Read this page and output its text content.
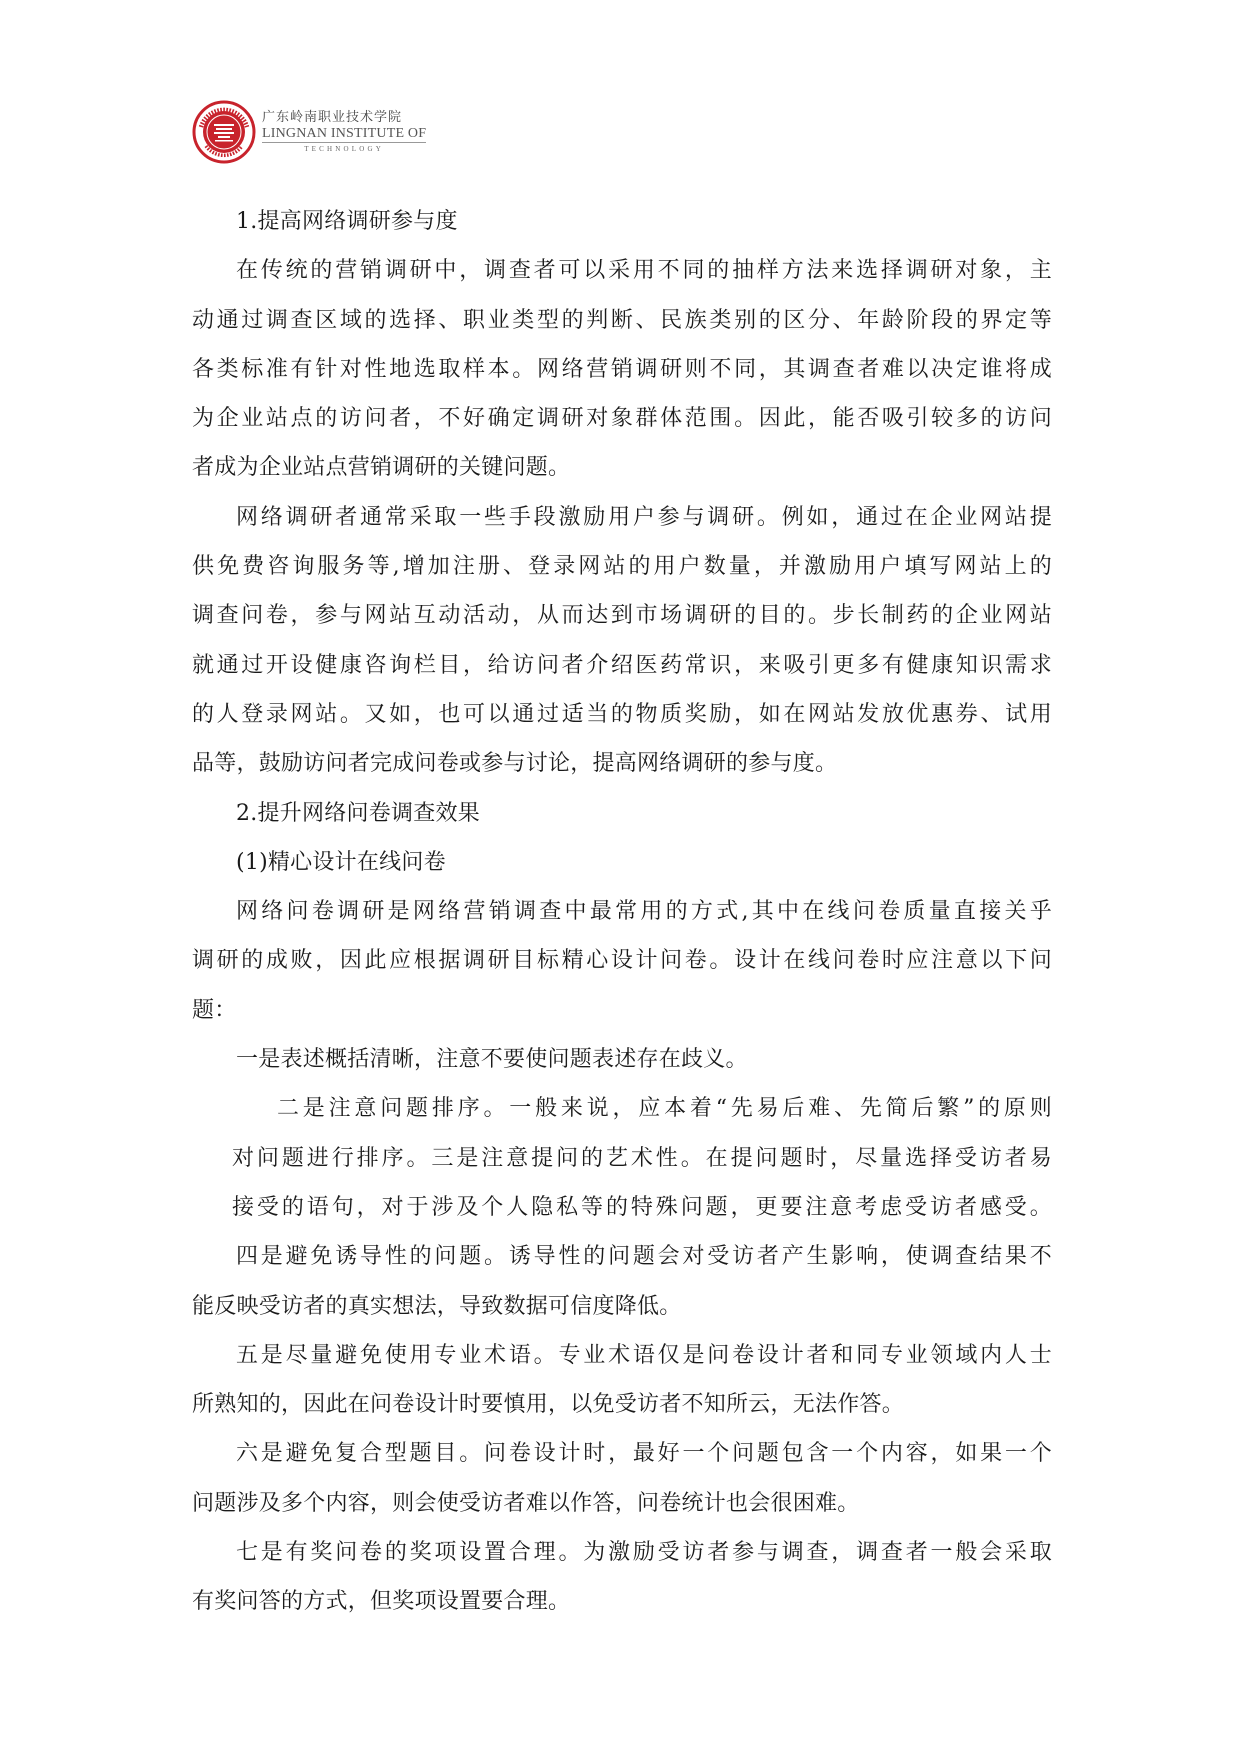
广东岭南职业技术学院
LINGNAN INSTITUTE OF
TECHNOLOGY
1.提高网络调研参与度
在传统的营销调研中，调查者可以采用不同的抽样方法来选择调研对象，主
动通过调查区域的选择、职业类型的判断、民族类别的区分、年龄阶段的界定等
各类标准有针对性地选取样本。网络营销调研则不同，其调查者难以决定谁将成
为企业站点的访问者，不好确定调研对象群体范围。因此，能否吸引较多的访问
者成为企业站点营销调研的关键问题。
网络调研者通常采取一些手段激励用户参与调研。例如，通过在企业网站提
供免费咨询服务等,增加注册、登录网站的用户数量，并激励用户填写网站上的
调查问卷，参与网站互动活动，从而达到市场调研的目的。步长制药的企业网站
就通过开设健康咨询栏目，给访问者介绍医药常识，来吸引更多有健康知识需求
的人登录网站。又如，也可以通过适当的物质奖励，如在网站发放优惠券、试用
品等，鼓励访问者完成问卷或参与讨论，提高网络调研的参与度。
2.提升网络问卷调查效果
(1)精心设计在线问卷
网络问卷调研是网络营销调查中最常用的方式,其中在线问卷质量直接关乎
调研的成败，因此应根据调研目标精心设计问卷。设计在线问卷时应注意以下问
题：
一是表述概括清晰，注意不要使问题表述存在歧义。
二是注意问题排序。一般来说，应本着“先易后难、先简后繁”的原则
对问题进行排序。三是注意提问的艺术性。在提问题时，尽量选择受访者易
接受的语句，对于涉及个人隐私等的特殊问题，更要注意考虑受访者感受。
四是避免诱导性的问题。诱导性的问题会对受访者产生影响，使调查结果不
能反映受访者的真实想法，导致数据可信度降低。
五是尽量避免使用专业术语。专业术语仅是问卷设计者和同专业领域内人士
所熟知的，因此在问卷设计时要慎用，以免受访者不知所云，无法作答。
六是避免复合型题目。问卷设计时，最好一个问题包含一个内容，如果一个
问题涉及多个内容，则会使受访者难以作答，问卷统计也会很困难。
七是有奖问卷的奖项设置合理。为激励受访者参与调查，调查者一般会采取
有奖问答的方式，但奖项设置要合理。
